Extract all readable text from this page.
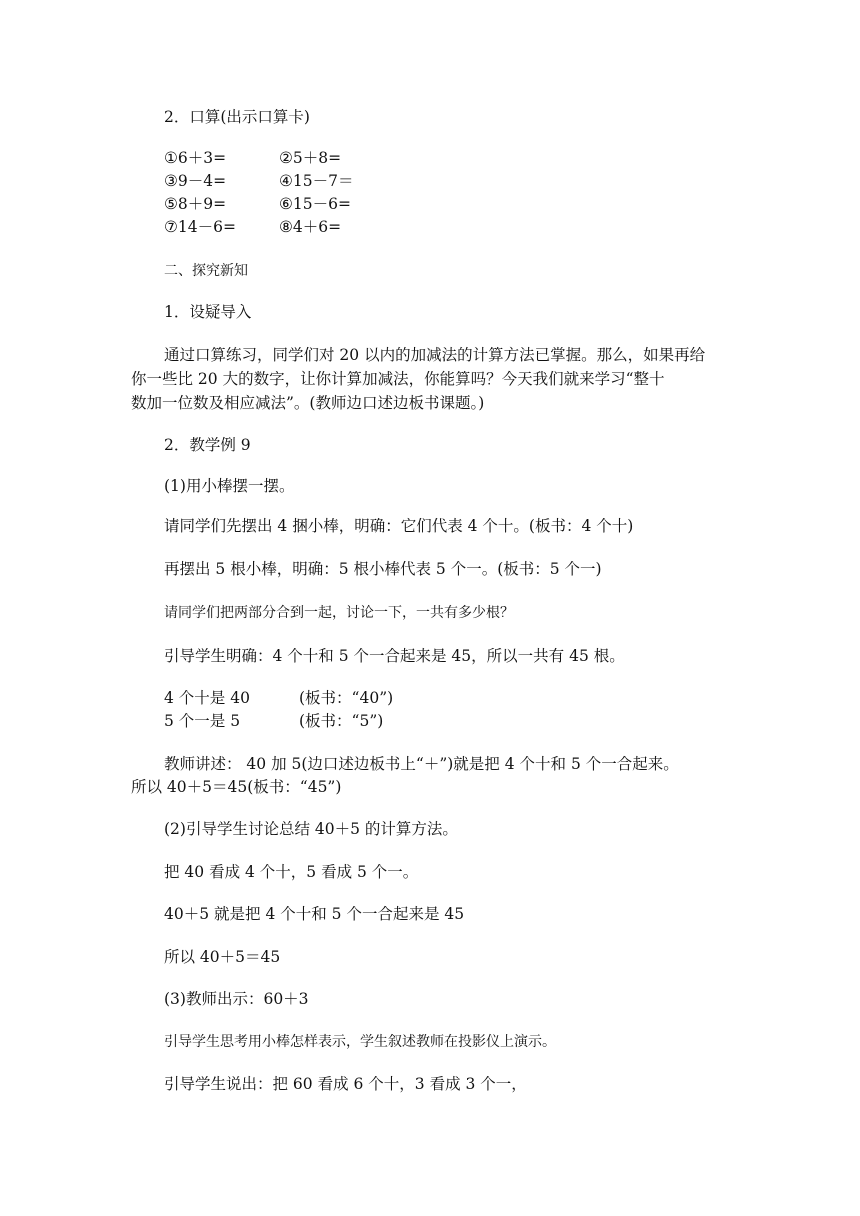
2．口算(出示口算卡)
①6＋3=	②5＋8=
③9－4=	④15－7＝
⑤8＋9=	⑥15－6=
⑦14－6=	⑧4＋6=
二、探究新知
1．设疑导入
通过口算练习，同学们对 20 以内的加减法的计算方法已掌握。那么，如果再给
你一些比 20 大的数字，让你计算加减法，你能算吗？今天我们就来学习“整十
数加一位数及相应减法”。(教师边口述边板书课题。)
2．教学例 9
(1)用小棒摆一摆。
请同学们先摆出 4 捆小棒，明确：它们代表 4 个十。(板书：4 个十)
再摆出 5 根小棒，明确：5 根小棒代表 5 个一。(板书：5 个一)
请同学们把两部分合到一起，讨论一下，一共有多少根？
引导学生明确：4 个十和 5 个一合起来是 45，所以一共有 45 根。
4 个十是 40	(板书：“40”)
5 个一是 5	(板书：“5”)
教师讲述： 40 加 5(边口述边板书上“＋”)就是把 4 个十和 5 个一合起来。
所以 40＋5＝45(板书：“45”)
(2)引导学生讨论总结 40＋5 的计算方法。
把 40 看成 4 个十，5 看成 5 个一。
40＋5 就是把 4 个十和 5 个一合起来是 45
所以 40＋5＝45
(3)教师出示：60＋3
引导学生思考用小棒怎样表示，学生叙述教师在投影仪上演示。
引导学生说出：把 60 看成 6 个十，3 看成 3 个一，
